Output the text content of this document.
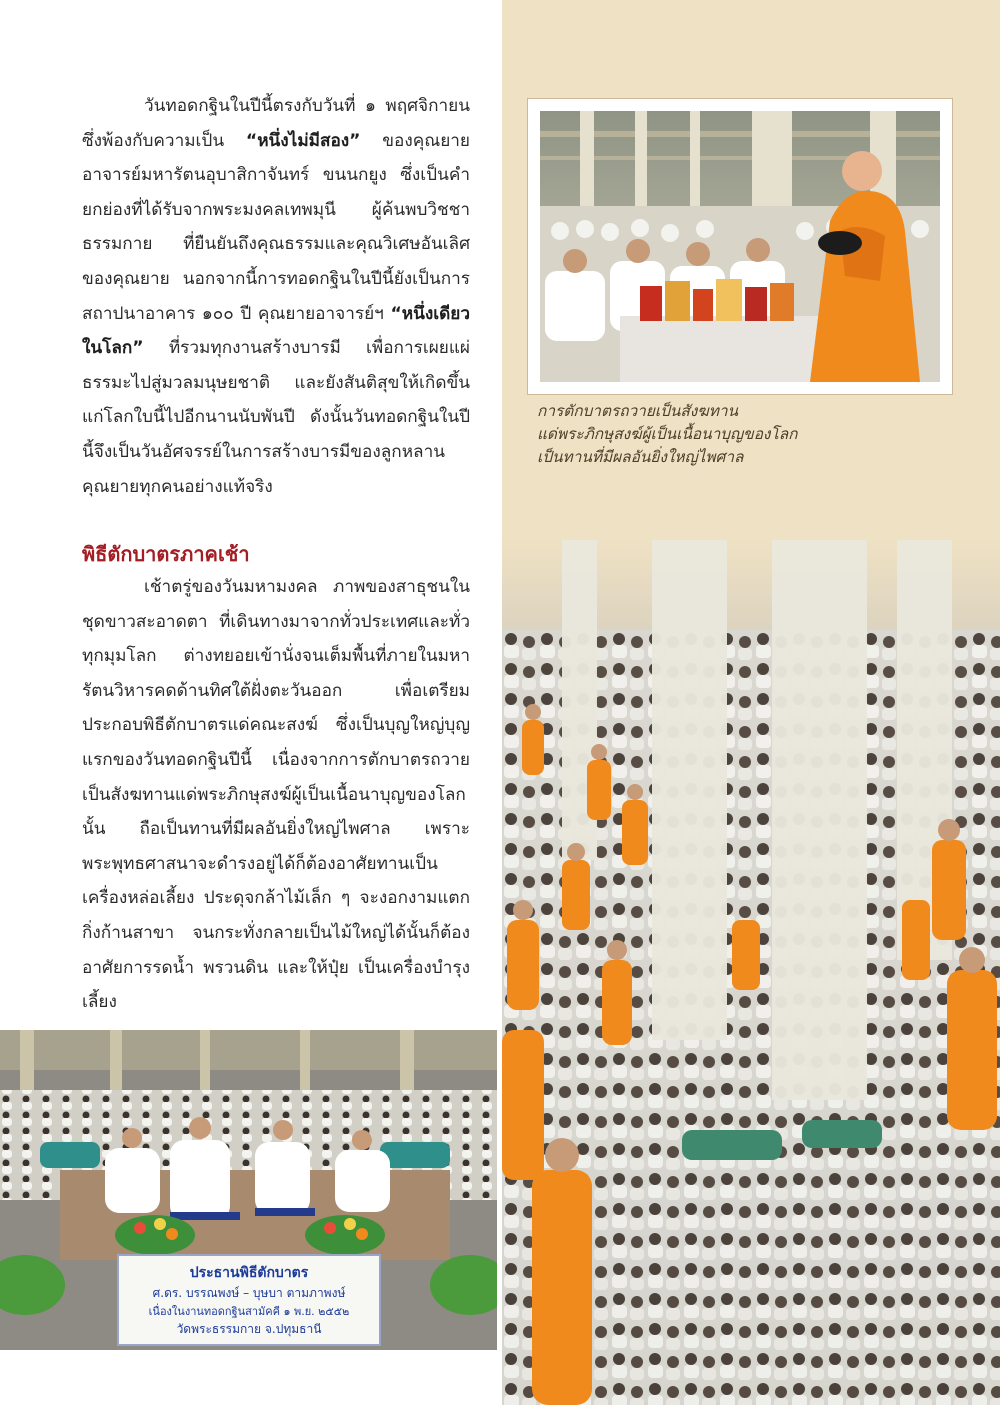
วันทอดกฐินในปีนี้ตรงกับวันที่ ๑ พฤศจิกายน ซึ่งพ้องกับความเป็น “หนึ่งไม่มีสอง” ของคุณยายอาจารย์มหารัตนอุบาสิกาจันทร์ ขนนกยูง ซึ่งเป็นคำยกย่องที่ได้รับจากพระมงคลเทพมุนี ผู้ค้นพบวิชชาธรรมกาย ที่ยืนยันถึงคุณธรรมและคุณวิเศษอันเลิศของคุณยาย นอกจากนี้การทอดกฐินในปีนี้ยังเป็นการสถาปนาอาคาร ๑๐๐ ปี คุณยายอาจารย์ฯ “หนึ่งเดียวในโลก” ที่รวมทุกงานสร้างบารมี เพื่อการเผยแผ่ธรรมะไปสู่มวลมนุษยชาติ และยังสันติสุขให้เกิดขึ้นแก่โลกใบนี้ไปอีกนานนับพันปี ดังนั้นวันทอดกฐินในปีนี้จึงเป็นวันอัศจรรย์ในการสร้างบารมีของลูกหลานคุณยายทุกคนอย่างแท้จริง

พิธีตักบาตรภาคเช้า

เช้าตรู่ของวันมหามงคล ภาพของสาธุชนในชุดขาวสะอาดตา ที่เดินทางมาจากทั่วประเทศและทั่วทุกมุมโลก ต่างทยอยเข้านั่งจนเต็มพื้นที่ภายในมหารัตนวิหารคดด้านทิศใต้ฝั่งตะวันออก เพื่อเตรียมประกอบพิธีตักบาตรแด่คณะสงฆ์ ซึ่งเป็นบุญใหญ่บุญแรกของวันทอดกฐินปีนี้ เนื่องจากการตักบาตรถวายเป็นสังฆทานแด่พระภิกษุสงฆ์ผู้เป็นเนื้อนาบุญของโลกนั้น ถือเป็นทานที่มีผลอันยิ่งใหญ่ไพศาล เพราะพระพุทธศาสนาจะดำรงอยู่ได้ก็ต้องอาศัยทานเป็นเครื่องหล่อเลี้ยง ประดุจกล้าไม้เล็ก ๆ จะงอกงามแตกกิ่งก้านสาขา จนกระทั่งกลายเป็นไม้ใหญ่ได้นั้นก็ต้องอาศัยการรดน้ำ พรวนดิน และให้ปุ๋ย เป็นเครื่องบำรุงเลี้ยง

การตักบาตรถวายเป็นสังฆทาน
แด่พระภิกษุสงฆ์ผู้เป็นเนื้อนาบุญของโลก
เป็นทานที่มีผลอันยิ่งใหญ่ไพศาล

ประธานพิธีตักบาตร
ศ.ดร. บรรณพงษ์ – บุษบา ตามภาพงษ์
เนื่องในงานทอดกฐินสามัคคี ๑ พ.ย. ๒๕๕๒
วัดพระธรรมกาย จ.ปทุมธานี
